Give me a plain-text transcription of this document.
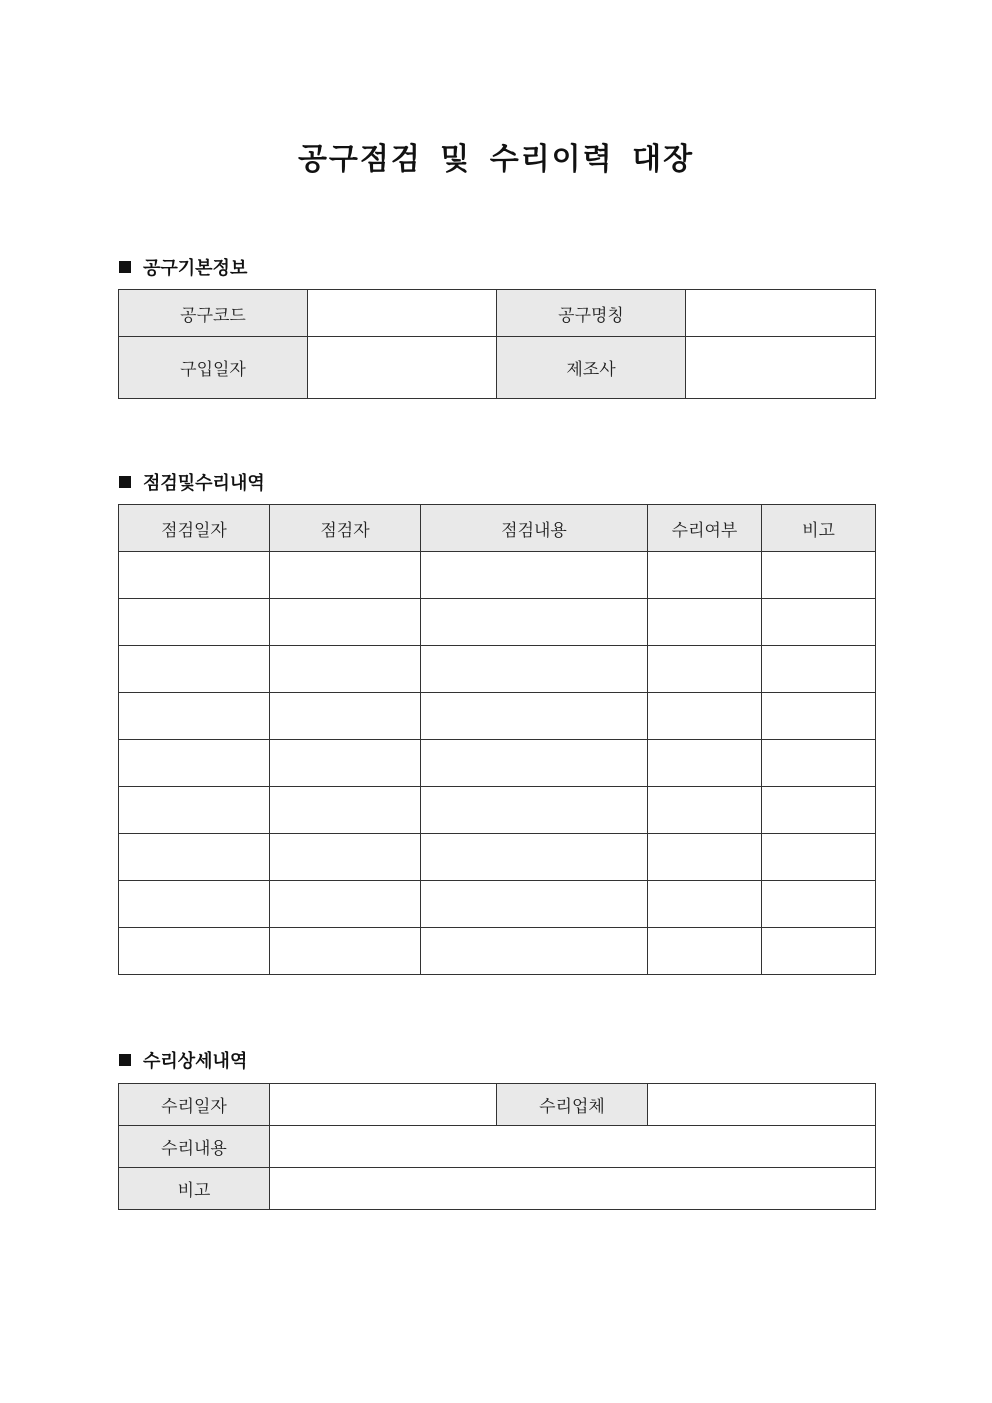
공구점검 및 수리이력 대장
공구기본정보
공구코드		공구명칭	
구입일자		제조사	
점검및수리내역
점검일자	점검자	점검내용	수리여부	비고

수리상세내역
수리일자		수리업체	
수리내용			
비고			
